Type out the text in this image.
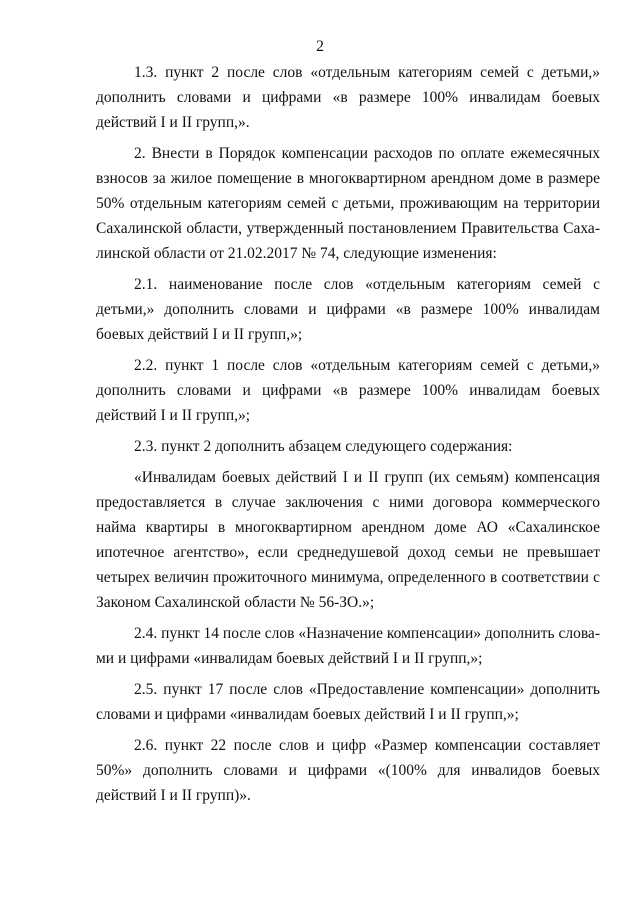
2

1.3. пункт 2 после слов «отдельным категориям семей с детьми,» дополнить словами и цифрами «в размере 100% инвалидам боевых действий I и II групп,».

2. Внести в Порядок компенсации расходов по оплате ежемесячных взносов за жилое помещение в многоквартирном арендном доме в размере 50% отдельным категориям семей с детьми, проживающим на территории Сахалинской области, утвержденный постановлением Правительства Сахалинской области от 21.02.2017 № 74, следующие изменения:

2.1. наименование после слов «отдельным категориям семей с детьми,» дополнить словами и цифрами «в размере 100% инвалидам боевых действий I и II групп,»;

2.2. пункт 1 после слов «отдельным категориям семей с детьми,» дополнить словами и цифрами «в размере 100% инвалидам боевых действий I и II групп,»;

2.3. пункт 2 дополнить абзацем следующего содержания:

«Инвалидам боевых действий I и II групп (их семьям) компенсация предоставляется в случае заключения с ними договора коммерческого найма квартиры в многоквартирном арендном доме АО «Сахалинское ипотечное агентство», если среднедушевой доход семьи не превышает четырех величин прожиточного минимума, определенного в соответствии с Законом Сахалинской области № 56-ЗО.»;

2.4. пункт 14 после слов «Назначение компенсации» дополнить словами и цифрами «инвалидам боевых действий I и II групп,»;

2.5. пункт 17 после слов «Предоставление компенсации» дополнить словами и цифрами «инвалидам боевых действий I и II групп,»;

2.6. пункт 22 после слов и цифр «Размер компенсации составляет 50%» дополнить словами и цифрами «(100% для инвалидов боевых действий I и II групп)».
